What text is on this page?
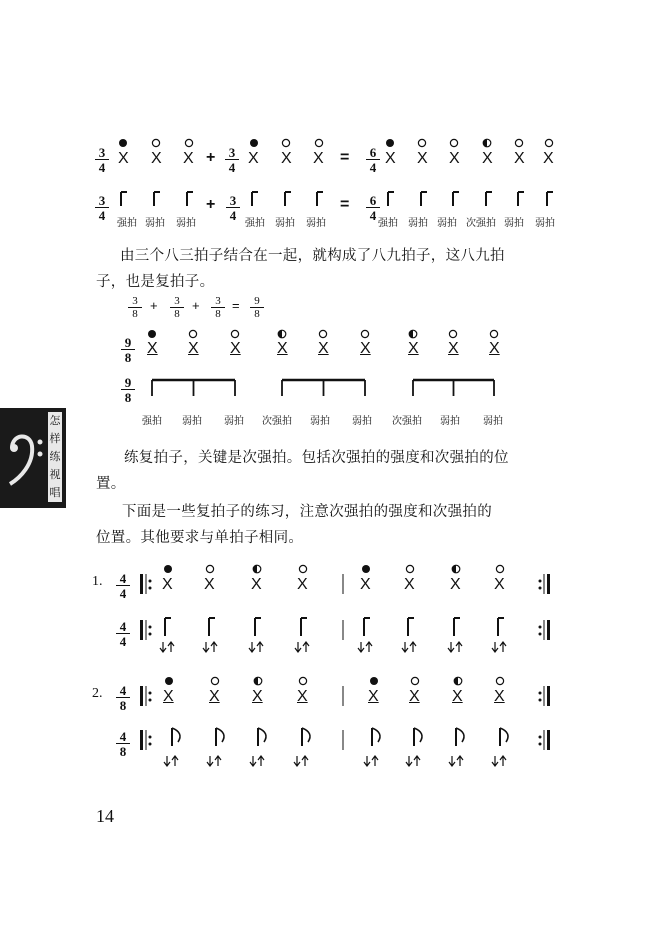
怎
样
练
视
唱
$\frac{3}{4}$	$\frac{3}{4}$	$\frac{6}{4}$
+	=
X X X	X X X	X X X X X X
$\frac{3}{4}$	$\frac{3}{4}$	$\frac{6}{4}$
+	=
强拍 弱拍 弱拍	强拍 弱拍 弱拍	强拍 弱拍 弱拍 次强拍 弱拍 弱拍
由三个八三拍子结合在一起，就构成了八九拍子，这八九拍
子，也是复拍子。
$\frac{3}{8} + \frac{3}{8} + \frac{3}{8} = \frac{9}{8}$
$\frac{9}{8}$
$\frac{9}{8}$
X X X X X X X X X
强拍 弱拍 弱拍 次强拍 弱拍 弱拍 次强拍 弱拍 弱拍
练复拍子，关键是次强拍。包括次强拍的强度和次强拍的位
置。
下面是一些复拍子的练习，注意次强拍的强度和次强拍的
位置。其他要求与单拍子相同。
1. $\frac{4}{4}$
$\frac{4}{4}$
X X X X	X X X X
2. $\frac{4}{8}$
$\frac{4}{8}$
X X X X	X X X X
14
